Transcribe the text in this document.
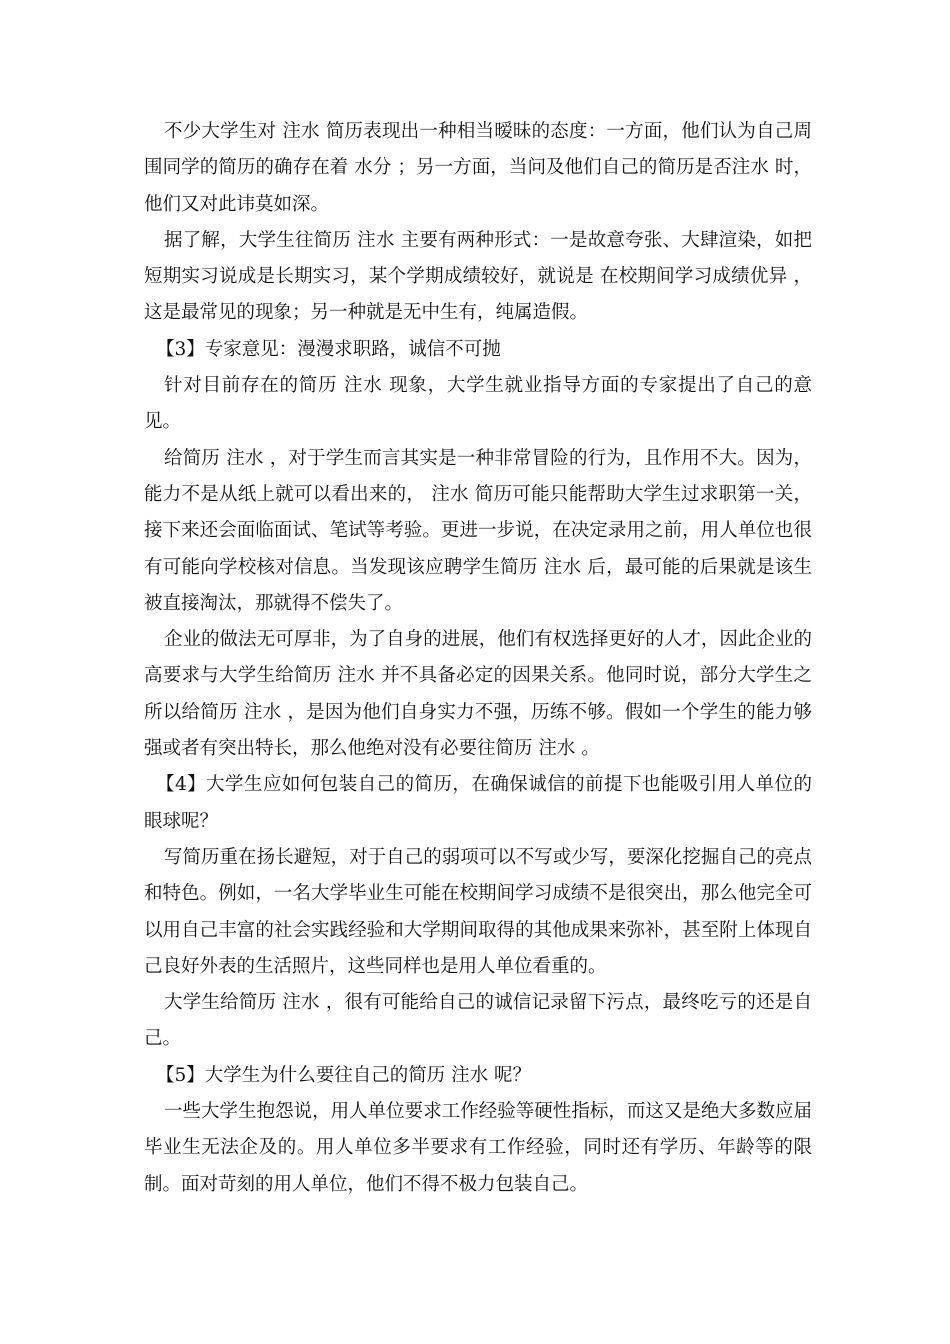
不少大学生对 注水 简历表现出一种相当暧昧的态度：一方面，他们认为自己周围同学的简历的确存在着 水分 ；另一方面，当问及他们自己的简历是否注水 时，他们又对此讳莫如深。

据了解，大学生往简历 注水 主要有两种形式：一是故意夸张、大肆渲染，如把短期实习说成是长期实习，某个学期成绩较好，就说是 在校期间学习成绩优异 ，这是最常见的现象；另一种就是无中生有，纯属造假。

【3】专家意见：漫漫求职路，诚信不可抛

针对目前存在的简历 注水 现象，大学生就业指导方面的专家提出了自己的意见。

给简历 注水 ，对于学生而言其实是一种非常冒险的行为，且作用不大。因为，能力不是从纸上就可以看出来的， 注水 简历可能只能帮助大学生过求职第一关，接下来还会面临面试、笔试等考验。更进一步说，在决定录用之前，用人单位也很有可能向学校核对信息。当发现该应聘学生简历 注水 后，最可能的后果就是该生被直接淘汰，那就得不偿失了。

企业的做法无可厚非，为了自身的进展，他们有权选择更好的人才，因此企业的高要求与大学生给简历 注水 并不具备必定的因果关系。他同时说，部分大学生之所以给简历 注水 ，是因为他们自身实力不强，历练不够。假如一个学生的能力够强或者有突出特长，那么他绝对没有必要往简历 注水 。

【4】大学生应如何包装自己的简历，在确保诚信的前提下也能吸引用人单位的眼球呢？

写简历重在扬长避短，对于自己的弱项可以不写或少写，要深化挖掘自己的亮点和特色。例如，一名大学毕业生可能在校期间学习成绩不是很突出，那么他完全可以用自己丰富的社会实践经验和大学期间取得的其他成果来弥补，甚至附上体现自己良好外表的生活照片，这些同样也是用人单位看重的。

大学生给简历 注水 ，很有可能给自己的诚信记录留下污点，最终吃亏的还是自己。

【5】大学生为什么要往自己的简历 注水 呢？

一些大学生抱怨说，用人单位要求工作经验等硬性指标，而这又是绝大多数应届毕业生无法企及的。用人单位多半要求有工作经验，同时还有学历、年龄等的限制。面对苛刻的用人单位，他们不得不极力包装自己。
